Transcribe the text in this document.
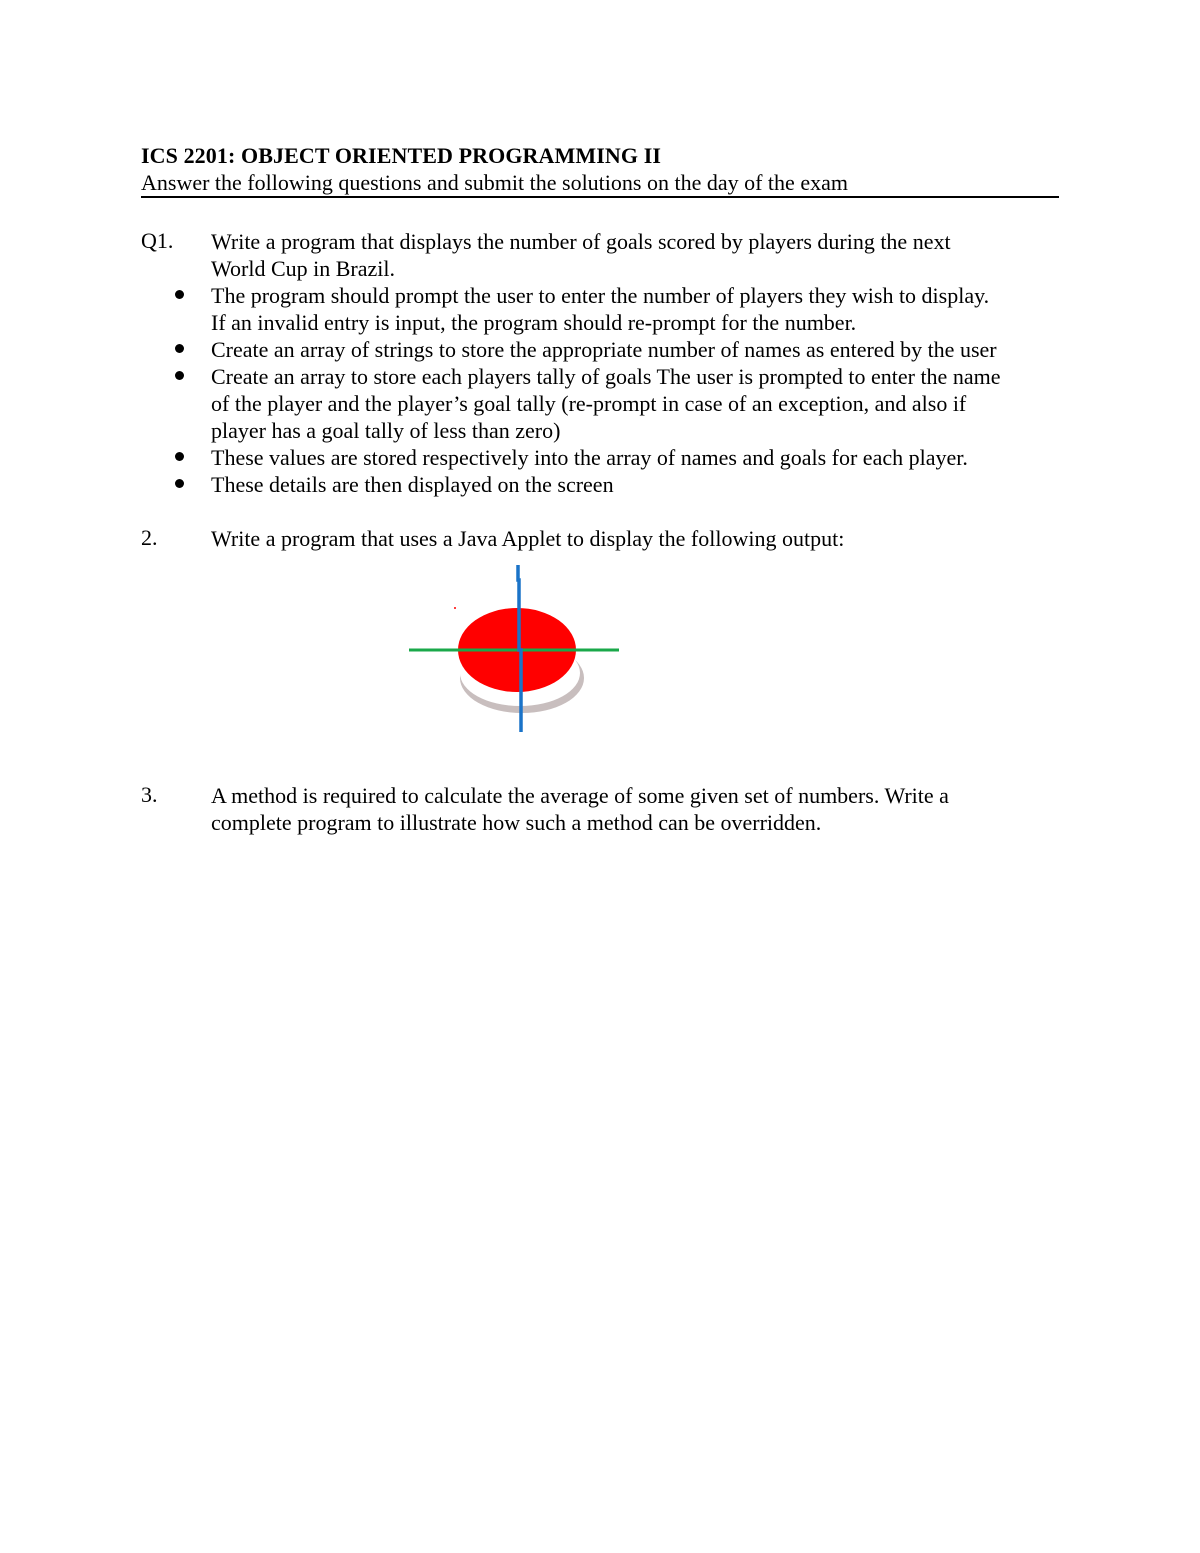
ICS 2201: OBJECT ORIENTED PROGRAMMING II
Answer the following questions and submit the solutions on the day of the exam
Q1. Write a program that displays the number of goals scored by players during the next
World Cup in Brazil.
The program should prompt the user to enter the number of players they wish to display.
If an invalid entry is input, the program should re-prompt for the number.
Create an array of strings to store the appropriate number of names as entered by the user
Create an array to store each players tally of goals The user is prompted to enter the name
of the player and the player’s goal tally (re-prompt in case of an exception, and also if
player has a goal tally of less than zero)
These values are stored respectively into the array of names and goals for each player.
These details are then displayed on the screen
2. Write a program that uses a Java Applet to display the following output:
3. A method is required to calculate the average of some given set of numbers. Write a
complete program to illustrate how such a method can be overridden.
